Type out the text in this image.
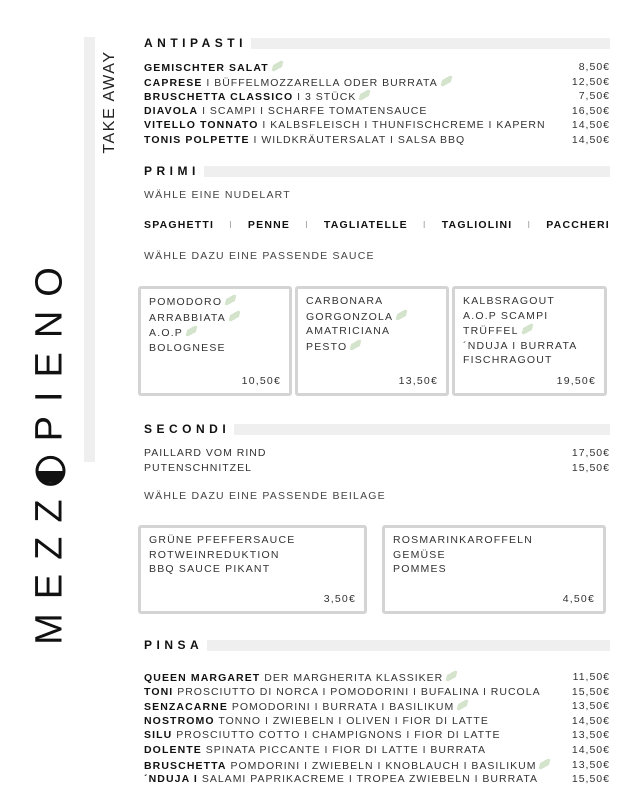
TAKE AWAY
MEZZ
PIENO
ANTIPASTI
GEMISCHTER SALAT	8,50€
CAPRESE I BÜFFELMOZZARELLA ODER BURRATA	12,50€
BRUSCHETTA CLASSICO I 3 STÜCK	7,50€
DIAVOLA I SCAMPI I SCHARFE TOMATENSAUCE	16,50€
VITELLO TONNATO I KALBSFLEISCH I THUNFISCHCREME I KAPERN	14,50€
TONIS POLPETTE I WILDKRÄUTERSALAT I SALSA BBQ	14,50€
PRIMI
WÄHLE EINE NUDELART
SPAGHETTI I PENNE I TAGLIATELLE I TAGLIOLINI I PACCHERI
WÄHLE DAZU EINE PASSENDE SAUCE
POMODORO
ARRABBIATA
A.O.P
BOLOGNESE
10,50€
CARBONARA
GORGONZOLA
AMATRICIANA
PESTO
13,50€
KALBSRAGOUT
A.O.P SCAMPI
TRÜFFEL
´NDUJA I BURRATA
FISCHRAGOUT
19,50€
SECONDI
PAILLARD VOM RIND	17,50€
PUTENSCHNITZEL	15,50€
WÄHLE DAZU EINE PASSENDE BEILAGE
GRÜNE PFEFFERSAUCE
ROTWEINREDUKTION
BBQ SAUCE PIKANT
3,50€
ROSMARINKAROFFELN
GEMÜSE
POMMES
4,50€
PINSA
QUEEN MARGARET DER MARGHERITA KLASSIKER	11,50€
TONI PROSCIUTTO DI NORCA I POMODORINI I BUFALINA I RUCOLA	15,50€
SENZACARNE POMODORINI I BURRATA I BASILIKUM	13,50€
NOSTROMO TONNO I ZWIEBELN I OLIVEN I FIOR DI LATTE	14,50€
SILU PROSCIUTTO COTTO I CHAMPIGNONS I FIOR DI LATTE	13,50€
DOLENTE SPINATA PICCANTE I FIOR DI LATTE I BURRATA	14,50€
BRUSCHETTA POMDORINI I ZWIEBELN I KNOBLAUCH I BASILIKUM	13,50€
´NDUJA I SALAMI PAPRIKACREME I TROPEA ZWIEBELN I BURRATA	15,50€
